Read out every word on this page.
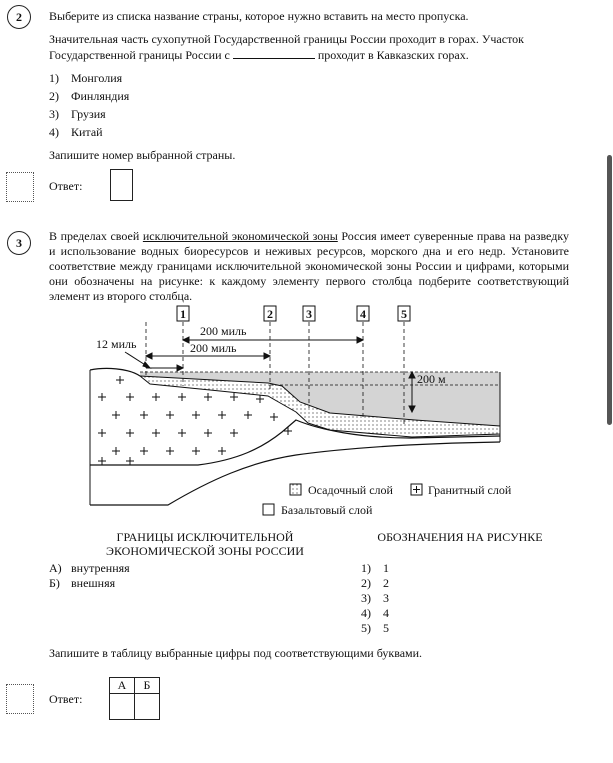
2	Выберите из списка название страны, которое нужно вставить на место пропуска.
Значительная часть сухопутной Государственной границы России проходит в горах. Участок
Государственной границы России с	проходит в Кавказских горах.
1) Монголия
2) Финляндия
3) Грузия
4) Китай
Запишите номер выбранной страны.
Ответ:
3	В пределах своей исключительной экономической зоны Россия имеет суверенные права на разведку и использование водных биоресурсов и неживых ресурсов, морского дна и его недр. Установите соответствие между границами исключительной экономической зоны России и цифрами, которыми они обозначены на рисунке: к каждому элементу первого столбца подберите соответствующий элемент из второго столбца.
1	2	3	4	5
200 миль
200 миль
12 миль
200 м
Осадочный слой	Гранитный слой
Базальтовый слой
ГРАНИЦЫ ИСКЛЮЧИТЕЛЬНОЙ
ЭКОНОМИЧЕСКОЙ ЗОНЫ РОССИИ
ОБОЗНАЧЕНИЯ НА РИСУНКЕ
А) внутренняя
Б) внешняя
1) 1
2) 2
3) 3
4) 4
5) 5
Запишите в таблицу выбранные цифры под соответствующими буквами.
Ответ:
А	Б
